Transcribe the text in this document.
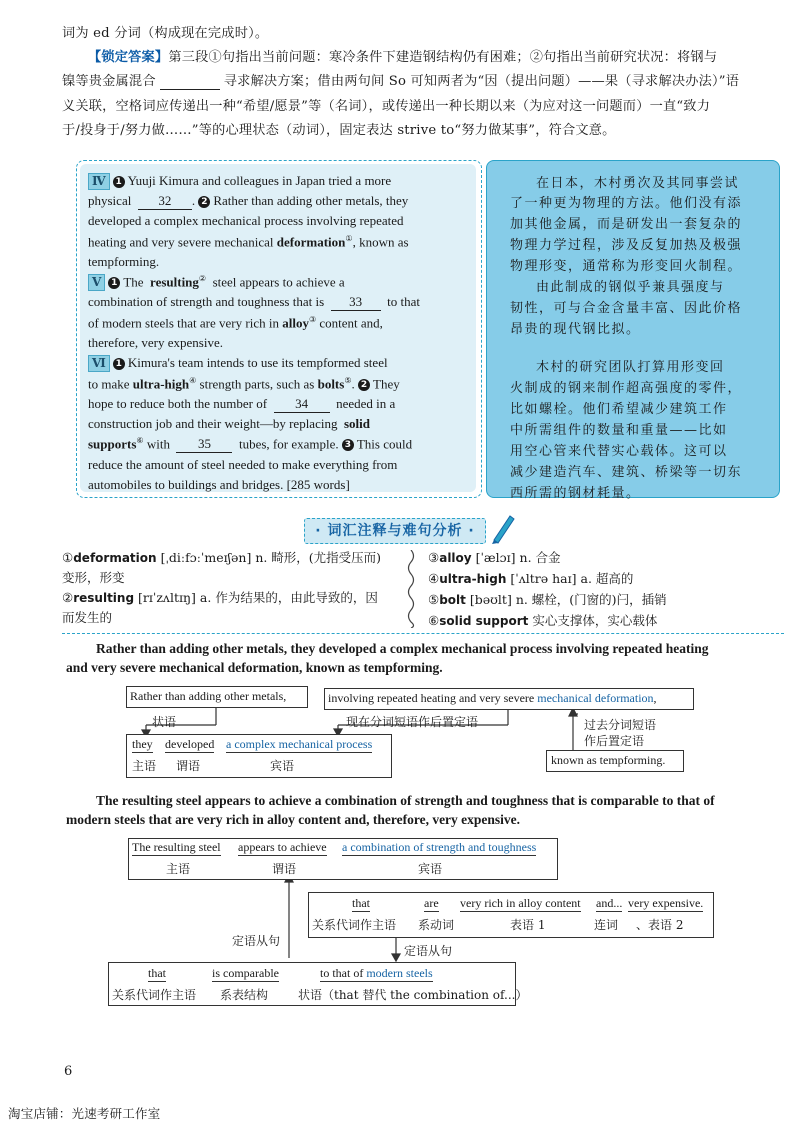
词为 ed 分词（构成现在完成时）。
【锁定答案】第三段①句指出当前问题：寒冷条件下建造钢结构仍有困难；②句指出当前研究状况：将钢与
镍等贵金属混合	寻求解决方案；借由两句间 So 可知两者为“因（提出问题）——果（寻求解决办法）”语
义关联，空格词应传递出一种“希望/愿景”等（名词），或传递出一种长期以来（为应对这一问题而）一直“致力
于/投身于/努力做……”等的心理状态（动词），固定表达 strive to“努力做某事”，符合文意。
Ⅳ 1 Yuuji Kimura and colleagues in Japan tried a more
physical 32 . 2 Rather than adding other metals, they
developed a complex mechanical process involving repeated
heating and very severe mechanical deformation①, known as
tempforming.
Ⅴ 1 The resulting② steel appears to achieve a
combination of strength and toughness that is 33 to that
of modern steels that are very rich in alloy③ content and,
therefore, very expensive.
Ⅵ 1 Kimura's team intends to use its tempformed steel
to make ultra-high④ strength parts, such as bolts⑤. 2 They
hope to reduce both the number of 34 needed in a
construction job and their weight—by replacing solid
supports⑥ with 35 tubes, for example. 3 This could
reduce the amount of steel needed to make everything from
automobiles to buildings and bridges. [285 words]
在日本，木村勇次及其同事尝试
了一种更为物理的方法。他们没有添
加其他金属，而是研发出一套复杂的
物理力学过程，涉及反复加热及极强
物理形变，通常称为形变回火制程。
由此制成的钢似乎兼具强度与
韧性，可与合金含量丰富、因此价格
昂贵的现代钢比拟。
木村的研究团队打算用形变回
火制成的钢来制作超高强度的零件，
比如螺栓。他们希望减少建筑工作
中所需组件的数量和重量——比如
用空心管来代替实心载体。这可以
减少建造汽车、建筑、桥梁等一切东
西所需的钢材耗量。
· 词汇注释与难句分析 ·
①deformation [ˌdiːfɔːˈmeɪʃən] n. 畸形，(尤指受压而)
变形，形变
②resulting [rɪˈzʌltɪŋ] a. 作为结果的，由此导致的，因
而发生的
③alloy [ˈælɔɪ] n. 合金
④ultra-high [ˈʌltrə haɪ] a. 超高的
⑤bolt [bəʊlt] n. 螺栓，(门窗的)闩，插销
⑥solid support 实心支撑体，实心载体
Rather than adding other metals, they developed a complex mechanical process involving repeated heating
and very severe mechanical deformation, known as tempforming.
Rather than adding other metals,	involving repeated heating and very severe mechanical deformation,
状语	现在分词短语作后置定语
they developed a complex mechanical process
主语 谓语	宾语
过去分词短语
作后置定语
known as tempforming.
The resulting steel appears to achieve a combination of strength and toughness that is comparable to that of
modern steels that are very rich in alloy content and, therefore, very expensive.
The resulting steel appears to achieve a combination of strength and toughness
主语	谓语	宾语
that	are very rich in alloy content and... very expensive.
关系代词作主语 系动词	表语 1	连词 、表语 2
定语从句
定语从句
that	is comparable	to that of modern steels
关系代词作主语 系表结构 状语（that 替代 the combination of...）
6
淘宝店铺：光速考研工作室
